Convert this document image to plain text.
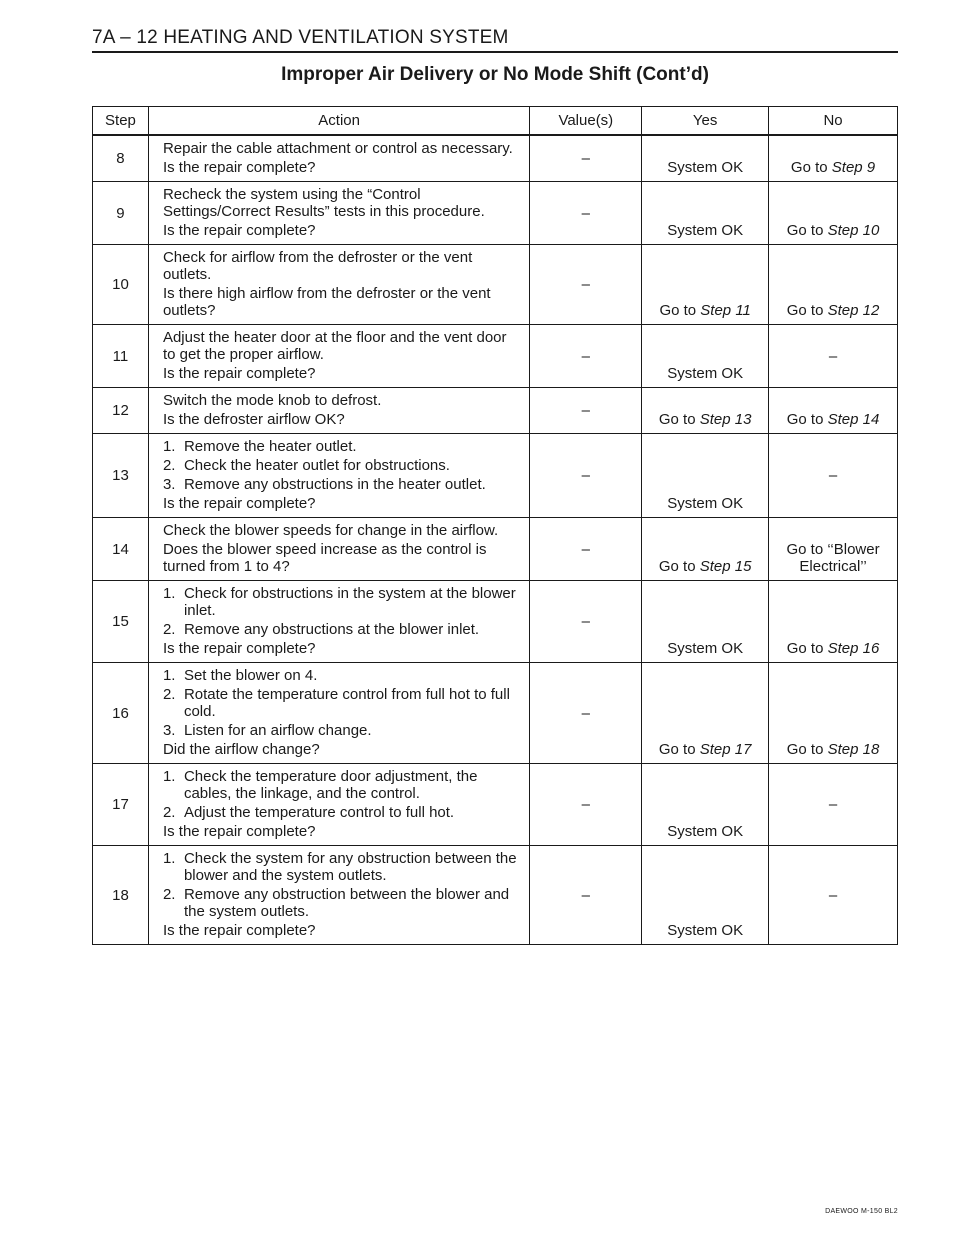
7A – 12 HEATING AND VENTILATION SYSTEM
Improper Air Delivery or No Mode Shift (Cont’d)
Step	Action	Value(s)	Yes	No
8	Repair the cable attachment or control as necessary.
Is the repair complete?	–	System OK	Go to Step 9
9	Recheck the system using the “Control Settings/Correct Results” tests in this procedure.
Is the repair complete?	–	System OK	Go to Step 10
10	Check for airflow from the defroster or the vent outlets.
Is there high airflow from the defroster or the vent outlets?	–	Go to Step 11	Go to Step 12
11	Adjust the heater door at the floor and the vent door to get the proper airflow.
Is the repair complete?	–	System OK	–
12	Switch the mode knob to defrost.
Is the defroster airflow OK?	–	Go to Step 13	Go to Step 14
13	1. Remove the heater outlet.
2. Check the heater outlet for obstructions.
3. Remove any obstructions in the heater outlet.
Is the repair complete?	–	System OK	–
14	Check the blower speeds for change in the airflow.
Does the blower speed increase as the control is turned from 1 to 4?	–	Go to Step 15	Go to ‘‘Blower Electrical’’
15	1. Check for obstructions in the system at the blower inlet.
2. Remove any obstructions at the blower inlet.
Is the repair complete?	–	System OK	Go to Step 16
16	1. Set the blower on 4.
2. Rotate the temperature control from full hot to full cold.
3. Listen for an airflow change.
Did the airflow change?	–	Go to Step 17	Go to Step 18
17	1. Check the temperature door adjustment, the cables, the linkage, and the control.
2. Adjust the temperature control to full hot.
Is the repair complete?	–	System OK	–
18	1. Check the system for any obstruction between the blower and the system outlets.
2. Remove any obstruction between the blower and the system outlets.
Is the repair complete?	–	System OK	–
DAEWOO M-150 BL2
